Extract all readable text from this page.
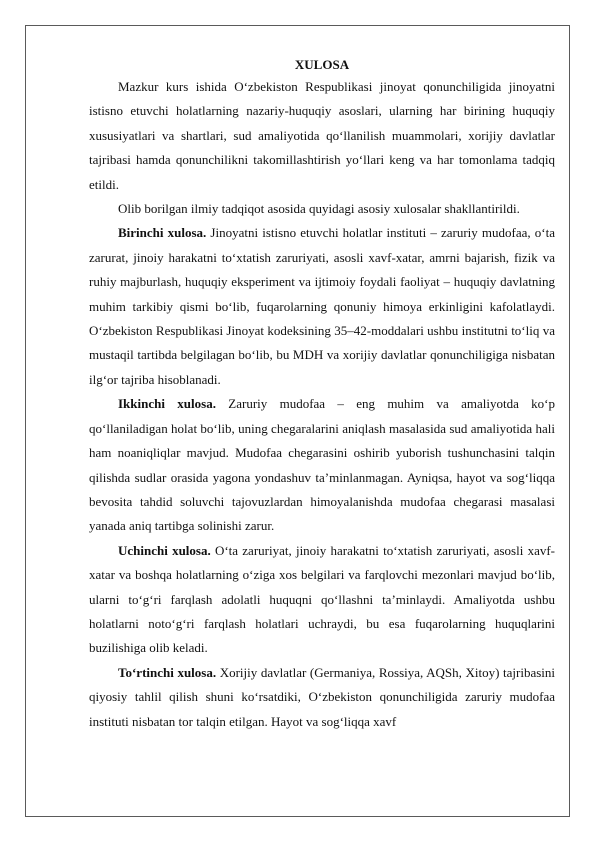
XULOSA

Mazkur kurs ishida O‘zbekiston Respublikasi jinoyat qonunchiligida jinoyatni istisno etuvchi holatlarning nazariy-huquqiy asoslari, ularning har birining huquqiy xususiyatlari va shartlari, sud amaliyotida qo‘llanilish muammolari, xorijiy davlatlar tajribasi hamda qonunchilikni takomillashtirish yo‘llari keng va har tomonlama tadqiq etildi.

Olib borilgan ilmiy tadqiqot asosida quyidagi asosiy xulosalar shakllantirildi.

Birinchi xulosa. Jinoyatni istisno etuvchi holatlar instituti – zaruriy mudofaa, o‘ta zarurat, jinoiy harakatni to‘xtatish zaruriyati, asosli xavf-xatar, amrni bajarish, fizik va ruhiy majburlash, huquqiy eksperiment va ijtimoiy foydali faoliyat – huquqiy davlatning muhim tarkibiy qismi bo‘lib, fuqarolarning qonuniy himoya erkinligini kafolatlaydi. O‘zbekiston Respublikasi Jinoyat kodeksining 35–42-moddalari ushbu institutni to‘liq va mustaqil tartibda belgilagan bo‘lib, bu MDH va xorijiy davlatlar qonunchiligiga nisbatan ilg‘or tajriba hisoblanadi.

Ikkinchi xulosa. Zaruriy mudofaa – eng muhim va amaliyotda ko‘p qo‘llaniladigan holat bo‘lib, uning chegaralarini aniqlash masalasida sud amaliyotida hali ham noaniqliqlar mavjud. Mudofaa chegarasini oshirib yuborish tushunchasini talqin qilishda sudlar orasida yagona yondashuv ta’minlanmagan. Ayniqsa, hayot va sog‘liqqa bevosita tahdid soluvchi tajovuzlardan himoyalanishda mudofaa chegarasi masalasi yanada aniq tartibga solinishi zarur.

Uchinchi xulosa. O‘ta zaruriyat, jinoiy harakatni to‘xtatish zaruriyati, asosli xavf-xatar va boshqa holatlarning o‘ziga xos belgilari va farqlovchi mezonlari mavjud bo‘lib, ularni to‘g‘ri farqlash adolatli huquqni qo‘llashni ta’minlaydi. Amaliyotda ushbu holatlarni noto‘g‘ri farqlash holatlari uchraydi, bu esa fuqarolarning huquqlarini buzilishiga olib keladi.

To‘rtinchi xulosa. Xorijiy davlatlar (Germaniya, Rossiya, AQSh, Xitoy) tajribasini qiyosiy tahlil qilish shuni ko‘rsatdiki, O‘zbekiston qonunchiligida zaruriy mudofaa instituti nisbatan tor talqin etilgan. Hayot va sog‘liqqa xavf
